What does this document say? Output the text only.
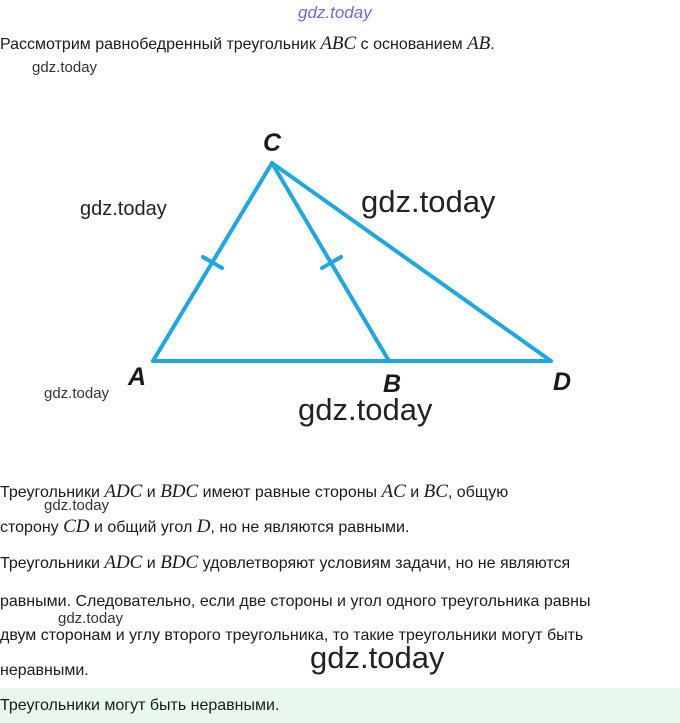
gdz.today
Рассмотрим равнобедренный треугольник ABC с основанием AB.
gdz.today
C
A	B	D
gdz.today	gdz.today
gdz.today	gdz.today
Треугольники ADC и BDC имеют равные стороны AC и BC, общую
gdz.today
сторону CD и общий угол D, но не являются равными.
Треугольники ADC и BDC удовлетворяют условиям задачи, но не являются
равными. Следовательно, если две стороны и угол одного треугольника равны
gdz.today
двум сторонам и углу второго треугольника, то такие треугольники могут быть
неравными.	gdz.today
Треугольники могут быть неравными.
